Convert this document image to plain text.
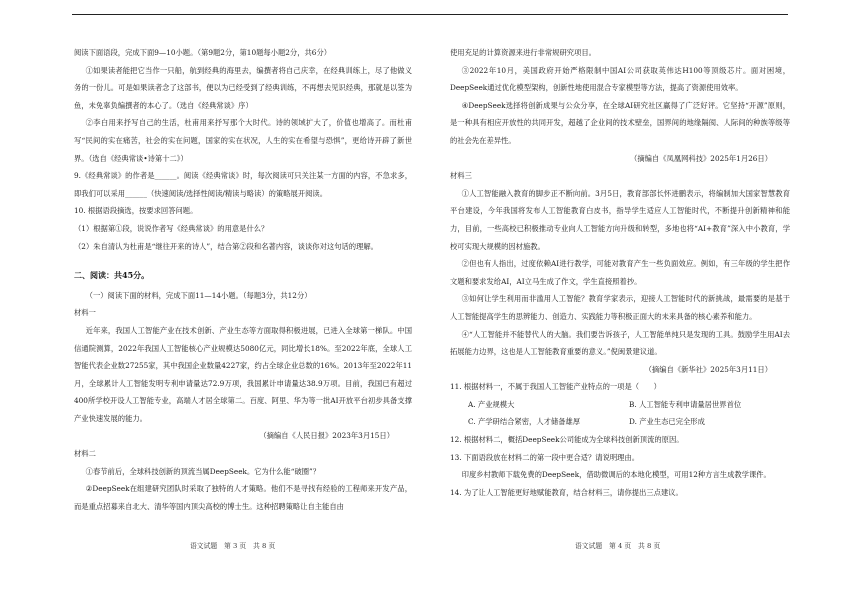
阅读下面语段，完成下面9—10小题。（第9题2分，第10题每小题2分，共6分）

①如果读者能把它当作一只船，航到经典的海里去，编撰者将自己庆幸，在经典训练上，尽了他做义务的一份儿。可是如果读者念了这部书，便以为已经受到了经典训练，不再想去见识经典，那就是以筌为鱼，未免辜负编撰者的本心了。（选自《经典常谈》序）

②李白用来抒写自己的生活，杜甫用来抒写那个大时代。诗的领域扩大了，价值也增高了。而杜甫写“民间的实在痛苦，社会的实在问题，国家的实在状况，人生的实在希望与恐惧”，更给诗开辟了新世界。（选自《经典常谈•诗第十二》）

9.《经典常谈》的作者是______。阅读《经典常谈》时，每次阅读可只关注某一方面的内容，不急求多，即我们可以采用______（快速阅读/选择性阅读/精读与略读）的策略展开阅读。

10. 根据语段摘选，按要求回答问题。

（1）根据第①段，说说作者写《经典常谈》的用意是什么？

（2）朱自清认为杜甫是“继往开来的诗人”，结合第②段和名著内容，谈谈你对这句话的理解。

二、阅读：共45分。

（一）阅读下面的材料，完成下面11—14小题。（每题3分，共12分）

材料一

近年来，我国人工智能产业在技术创新、产业生态等方面取得积极进展，已进入全球第一梯队。中国信通院测算，2022年我国人工智能核心产业规模达5080亿元，同比增长18%。至2022年底，全球人工智能代表企业数27255家，其中我国企业数量4227家，约占全球企业总数的16%。2013年至2022年11月，全球累计人工智能发明专利申请量达72.9万项，我国累计申请量达38.9万项。目前，我国已有超过400所学校开设人工智能专业，高端人才居全球第二。百度、阿里、华为等一批AI开放平台初步具备支撑产业快速发展的能力。

（摘编自《人民日报》2023年3月15日）

材料二

①春节前后，全球科技创新的顶流当属DeepSeek。它为什么能“破圈”？

②DeepSeek在组建研究团队时采取了独特的人才策略。他们不是寻找有经验的工程师来开发产品，而是重点招募来自北大、清华等国内顶尖高校的博士生。这种招聘策略让自主能自由

使用充足的计算资源来进行非常规研究项目。

③2022年10月，美国政府开始严格限制中国AI公司获取英伟达H100等顶级芯片。面对困境，DeepSeek通过优化模型架构，创新性地使用混合专家模型等方法，提高了资源使用效率。

④DeepSeek选择将创新成果与公众分享，在全球AI研究社区赢得了广泛好评。它坚持“开源”原则，是一种具有相应开放性的共同开发，超越了企业间的技术壁垒，国界间的地缘隔阂、人际间的种族等级等的社会先在差异性。

（摘编自《凤凰网科技》2025年1月26日）

材料三

①人工智能融入教育的脚步正不断向前。3月5日，教育部部长怀进鹏表示，将编制加大国家智慧教育平台建设，今年我国将发布人工智能教育白皮书，指导学生适应人工智能时代，不断提升创新精神和能力，目前，一些高校已积极推动专业向人工智能方向升级和转型，多地也将“AI+教育”深入中小教育，学校可实现大规模的因材施教。

②但也有人指出，过度依赖AI进行教学，可能对教育产生一些负面效应。例如，有三年级的学生把作文题和要求发给AI，AI立马生成了作文，学生直接照着抄。

③如何让学生利用而非滥用人工智能？教育学家表示，迎接人工智能时代的新挑战，最需要的是基于人工智能提高学生的思辨能力、创造力、实践能力等积极正面大的未来具备的核心素养和能力。

④“人工智能并不能替代人的大脑。我们要告诉孩子，人工智能单纯只是发现的工具。鼓励学生用AI去拓展能力边界，这也是人工智能教育重要的意义。”倪闽景建议道。

（摘编自《新华社》2025年3月11日）

11. 根据材料一，不属于我国人工智能产业特点的一项是（　　）

A. 产业规模大	B. 人工智能专利申请量居世界首位
C. 产学研结合紧密，人才储备雄厚	D. 产业生态已完全形成

12. 根据材料二，概括DeepSeek公司能成为全球科技创新顶流的原因。

13. 下面语段放在材料二的第一段中更合适？请说明理由。

印度乡村教师下载免费的DeepSeek，借助微调后的本地化模型，可用12种方言生成教学课件。

14. 为了让人工智能更好地赋能教育，结合材料三，请你提出三点建议。

语文试题　第 3 页　共 8 页	语文试题　第 4 页　共 8 页
